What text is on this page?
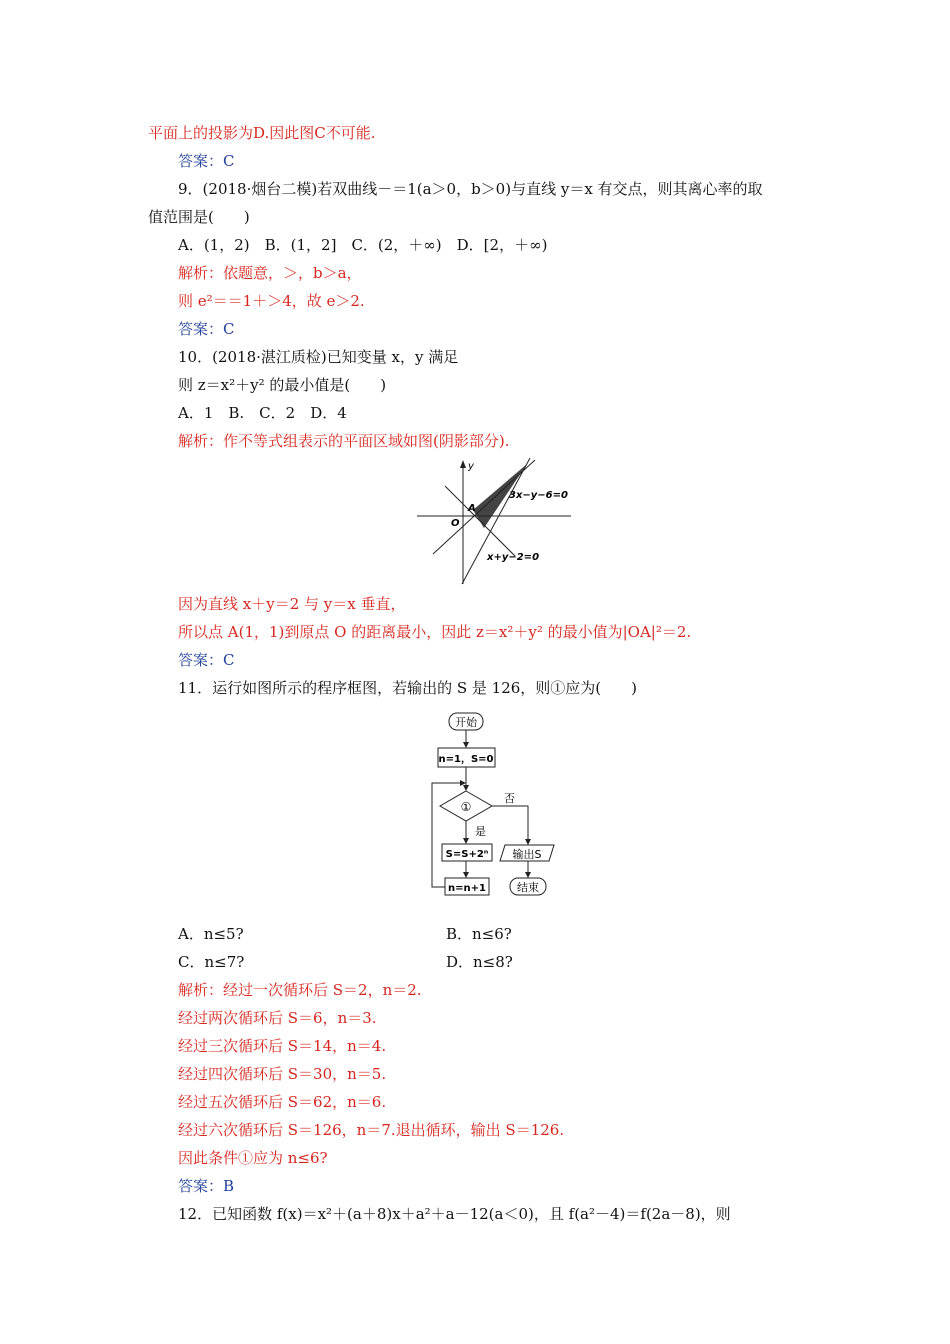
平面上的投影为D.因此图C不可能.
答案：C
9．(2018·烟台二模)若双曲线－＝1(a＞0，b＞0)与直线 y＝x 有交点，则其离心率的取
值范围是(　　)
A．(1，2)　B．(1，2]　C．(2，＋∞)　D．[2，＋∞)
解析：依题意，＞，b＞a，
则 e²＝＝1＋＞4，故 e＞2.
答案：C
10．(2018·湛江质检)已知变量 x，y 满足
则 z＝x²＋y² 的最小值是(　　)
A．1　B.　C．2　D．4
解析：作不等式组表示的平面区域如图(阴影部分).
y
O
A
3x−y−6=0
x+y−2=0
因为直线 x＋y＝2 与 y＝x 垂直，
所以点 A(1，1)到原点 O 的距离最小，因此 z＝x²＋y² 的最小值为|OA|²＝2.
答案：C
11．运行如图所示的程序框图，若输出的 S 是 126，则①应为(　　)
开始
n=1，S=0
①
否
是
S=S+2ⁿ
n=n+1
输出S
结束
A．n≤5?	B．n≤6?
C．n≤7?	D．n≤8?
解析：经过一次循环后 S＝2，n＝2.
经过两次循环后 S＝6，n＝3.
经过三次循环后 S＝14，n＝4.
经过四次循环后 S＝30，n＝5.
经过五次循环后 S＝62，n＝6.
经过六次循环后 S＝126，n＝7.退出循环，输出 S＝126.
因此条件①应为 n≤6?
答案：B
12．已知函数 f(x)＝x²＋(a＋8)x＋a²＋a－12(a＜0)，且 f(a²－4)＝f(2a－8)，则
